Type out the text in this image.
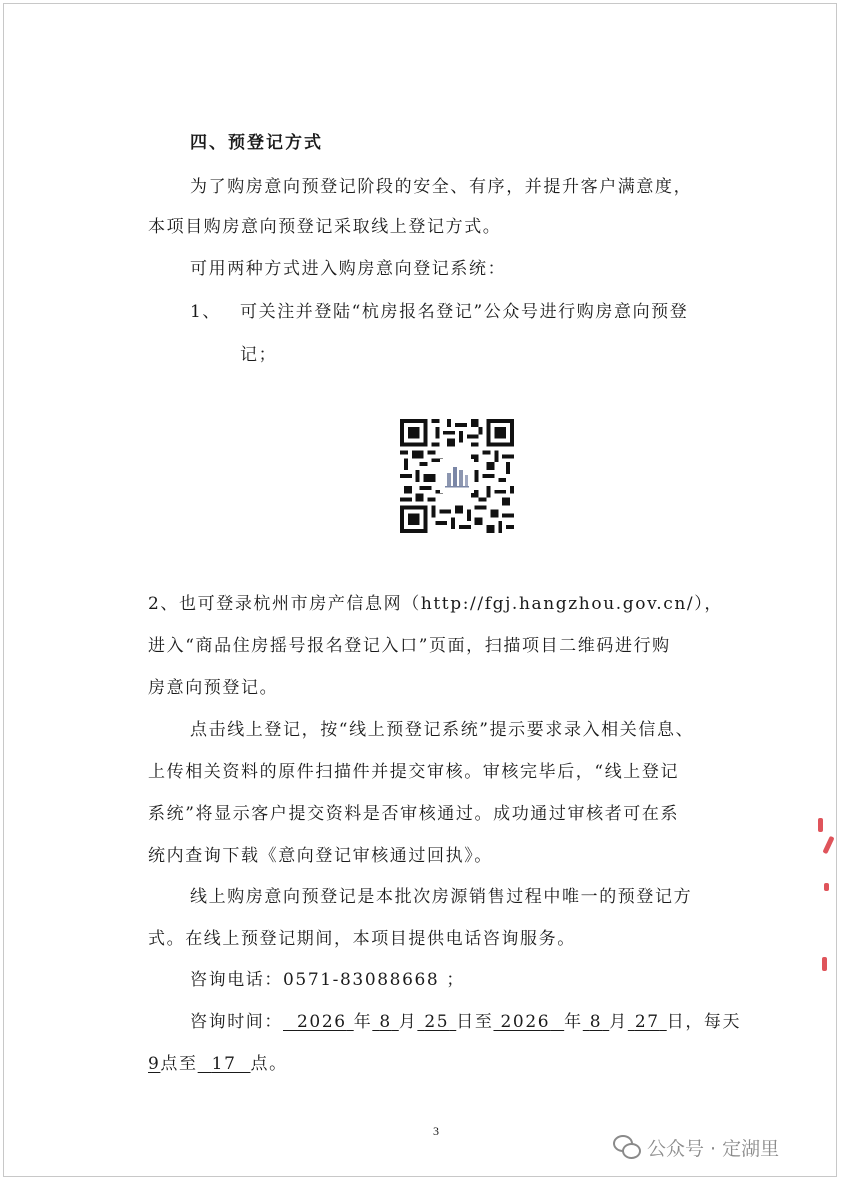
四、预登记方式
为了购房意向预登记阶段的安全、有序，并提升客户满意度，
本项目购房意向预登记采取线上登记方式。
可用两种方式进入购房意向登记系统：
1、 可关注并登陆“杭房报名登记”公众号进行购房意向预登
记；
2、也可登录杭州市房产信息网（http://fgj.hangzhou.gov.cn/），
进入“商品住房摇号报名登记入口”页面，扫描项目二维码进行购
房意向预登记。
点击线上登记，按“线上预登记系统”提示要求录入相关信息、
上传相关资料的原件扫描件并提交审核。审核完毕后，“线上登记
系统”将显示客户提交资料是否审核通过。成功通过审核者可在系
统内查询下载《意向登记审核通过回执》。
线上购房意向预登记是本批次房源销售过程中唯一的预登记方
式。在线上预登记期间，本项目提供电话咨询服务。
咨询电话：0571-83088668 ；
咨询时间： 2026 年 8 月 25 日至 2026 年 8 月 27 日，每天
9点至 17 点。
3
公众号 · 定湖里
